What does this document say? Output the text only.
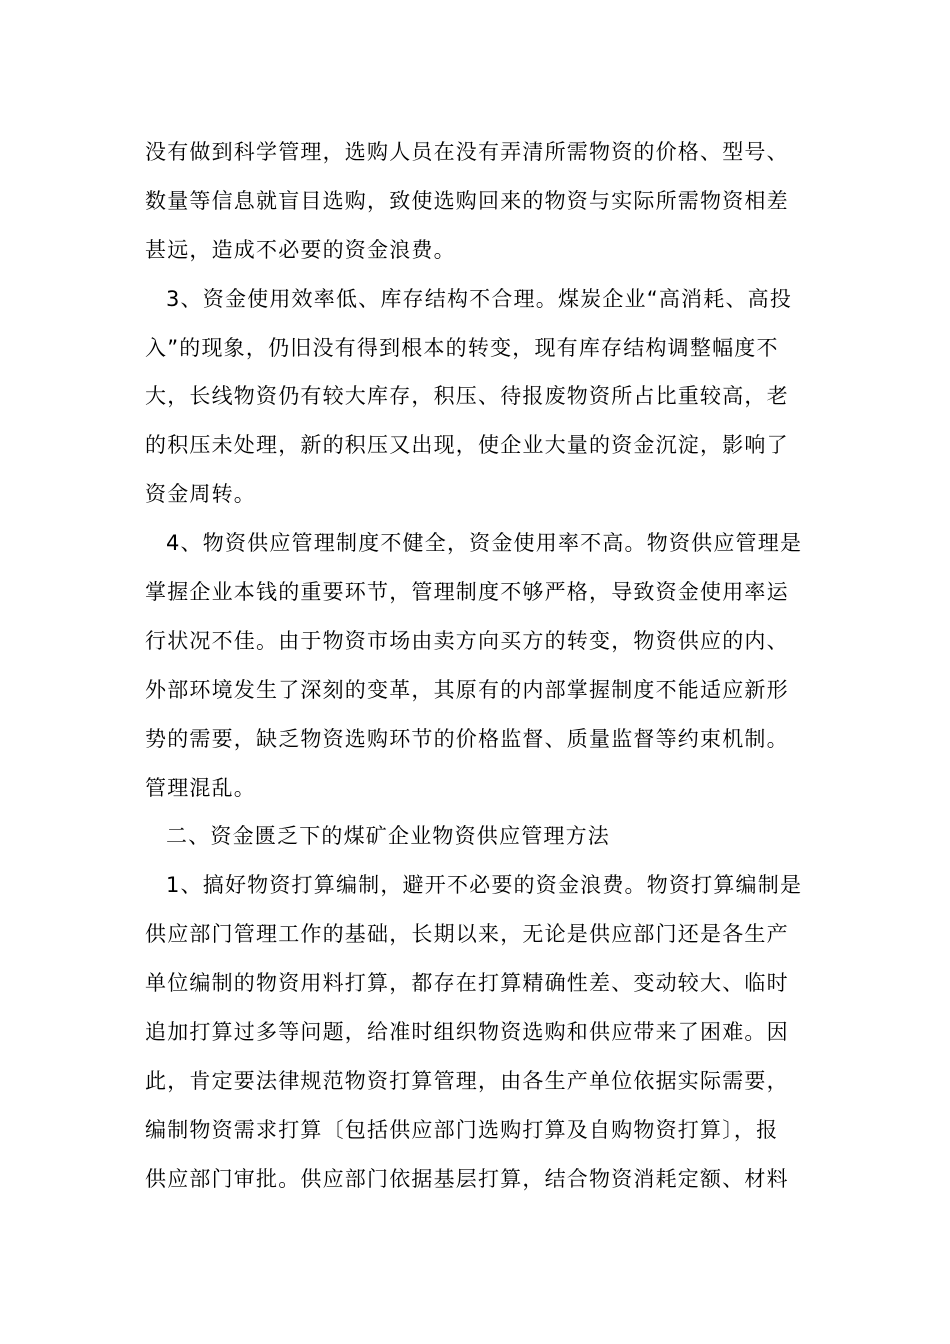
没有做到科学管理，选购人员在没有弄清所需物资的价格、型号、
数量等信息就盲目选购，致使选购回来的物资与实际所需物资相差
甚远，造成不必要的资金浪费。
3、资金使用效率低、库存结构不合理。煤炭企业“高消耗、高投
入”的现象，仍旧没有得到根本的转变，现有库存结构调整幅度不
大，长线物资仍有较大库存，积压、待报废物资所占比重较高，老
的积压未处理，新的积压又出现，使企业大量的资金沉淀，影响了
资金周转。
4、物资供应管理制度不健全，资金使用率不高。物资供应管理是
掌握企业本钱的重要环节，管理制度不够严格，导致资金使用率运
行状况不佳。由于物资市场由卖方向买方的转变，物资供应的内、
外部环境发生了深刻的变革，其原有的内部掌握制度不能适应新形
势的需要，缺乏物资选购环节的价格监督、质量监督等约束机制。
管理混乱。
二、资金匮乏下的煤矿企业物资供应管理方法
1、搞好物资打算编制，避开不必要的资金浪费。物资打算编制是
供应部门管理工作的基础，长期以来，无论是供应部门还是各生产
单位编制的物资用料打算，都存在打算精确性差、变动较大、临时
追加打算过多等问题，给准时组织物资选购和供应带来了困难。因
此，肯定要法律规范物资打算管理，由各生产单位依据实际需要，
编制物资需求打算〔包括供应部门选购打算及自购物资打算〕，报
供应部门审批。供应部门依据基层打算，结合物资消耗定额、材料
